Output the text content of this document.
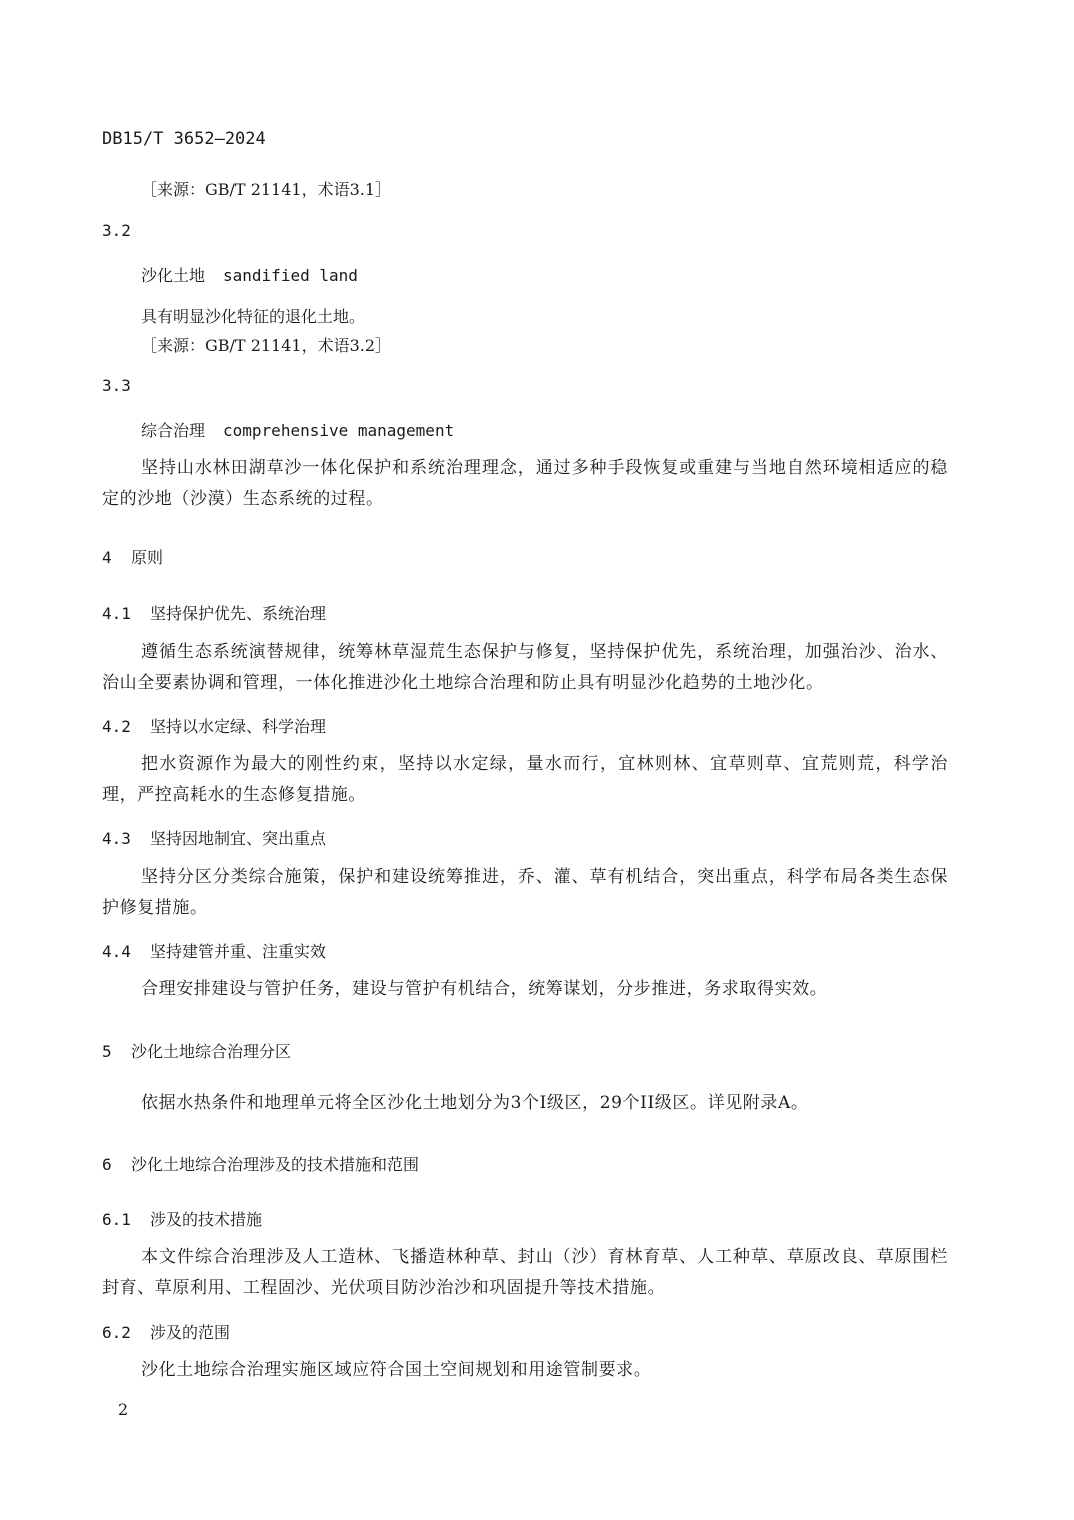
DB15/T 3652—2024
［来源：GB/T 21141，术语3.1］
3.2
沙化土地 sandified land
具有明显沙化特征的退化土地。
［来源：GB/T 21141，术语3.2］
3.3
综合治理 comprehensive management
坚持山水林田湖草沙一体化保护和系统治理理念，通过多种手段恢复或重建与当地自然环境相适应的稳定的沙地（沙漠）生态系统的过程。
4 原则
4.1 坚持保护优先、系统治理
遵循生态系统演替规律，统筹林草湿荒生态保护与修复，坚持保护优先，系统治理，加强治沙、治水、治山全要素协调和管理，一体化推进沙化土地综合治理和防止具有明显沙化趋势的土地沙化。
4.2 坚持以水定绿、科学治理
把水资源作为最大的刚性约束，坚持以水定绿，量水而行，宜林则林、宜草则草、宜荒则荒，科学治理，严控高耗水的生态修复措施。
4.3 坚持因地制宜、突出重点
坚持分区分类综合施策，保护和建设统筹推进，乔、灌、草有机结合，突出重点，科学布局各类生态保护修复措施。
4.4 坚持建管并重、注重实效
合理安排建设与管护任务，建设与管护有机结合，统筹谋划，分步推进，务求取得实效。
5 沙化土地综合治理分区
依据水热条件和地理单元将全区沙化土地划分为3个I级区，29个II级区。详见附录A。
6 沙化土地综合治理涉及的技术措施和范围
6.1 涉及的技术措施
本文件综合治理涉及人工造林、飞播造林种草、封山（沙）育林育草、人工种草、草原改良、草原围栏封育、草原利用、工程固沙、光伏项目防沙治沙和巩固提升等技术措施。
6.2 涉及的范围
沙化土地综合治理实施区域应符合国土空间规划和用途管制要求。
2
